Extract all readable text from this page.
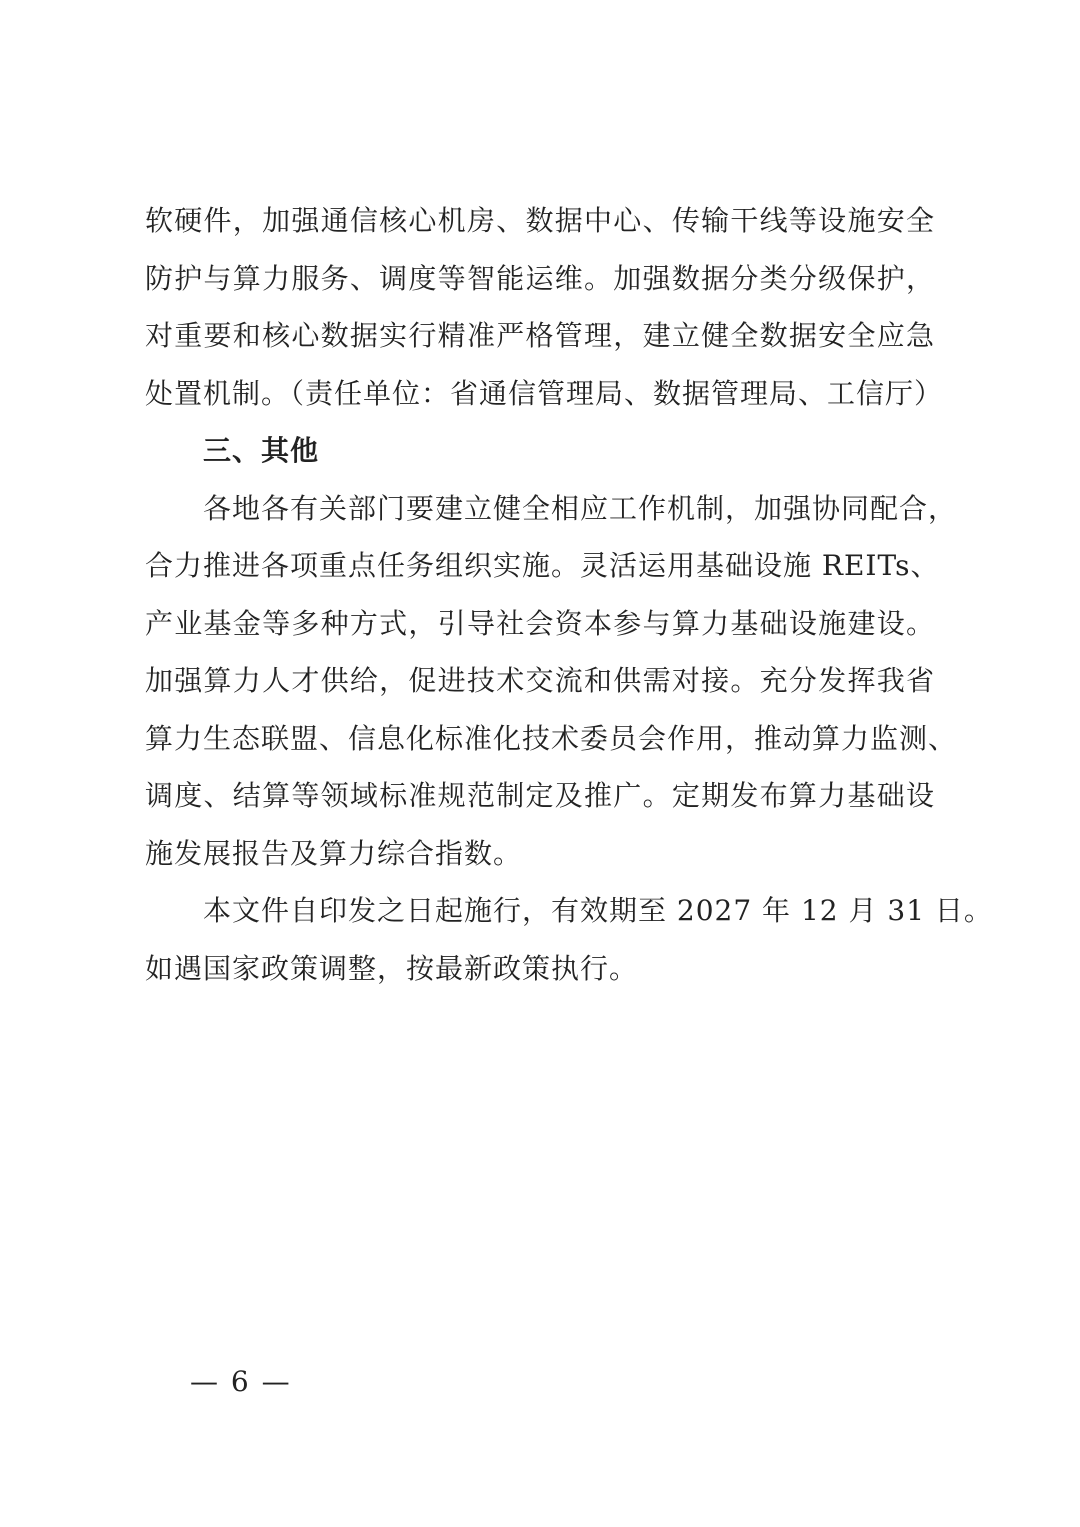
软硬件，加强通信核心机房、数据中心、传输干线等设施安全
防护与算力服务、调度等智能运维。加强数据分类分级保护，
对重要和核心数据实行精准严格管理，建立健全数据安全应急
处置机制。（责任单位：省通信管理局、数据管理局、工信厅）
三、其他
各地各有关部门要建立健全相应工作机制，加强协同配合，
合力推进各项重点任务组织实施。灵活运用基础设施 REITs、
产业基金等多种方式，引导社会资本参与算力基础设施建设。
加强算力人才供给，促进技术交流和供需对接。充分发挥我省
算力生态联盟、信息化标准化技术委员会作用，推动算力监测、
调度、结算等领域标准规范制定及推广。定期发布算力基础设
施发展报告及算力综合指数。
本文件自印发之日起施行，有效期至 2027 年 12 月 31 日。
如遇国家政策调整，按最新政策执行。
— 6 —
